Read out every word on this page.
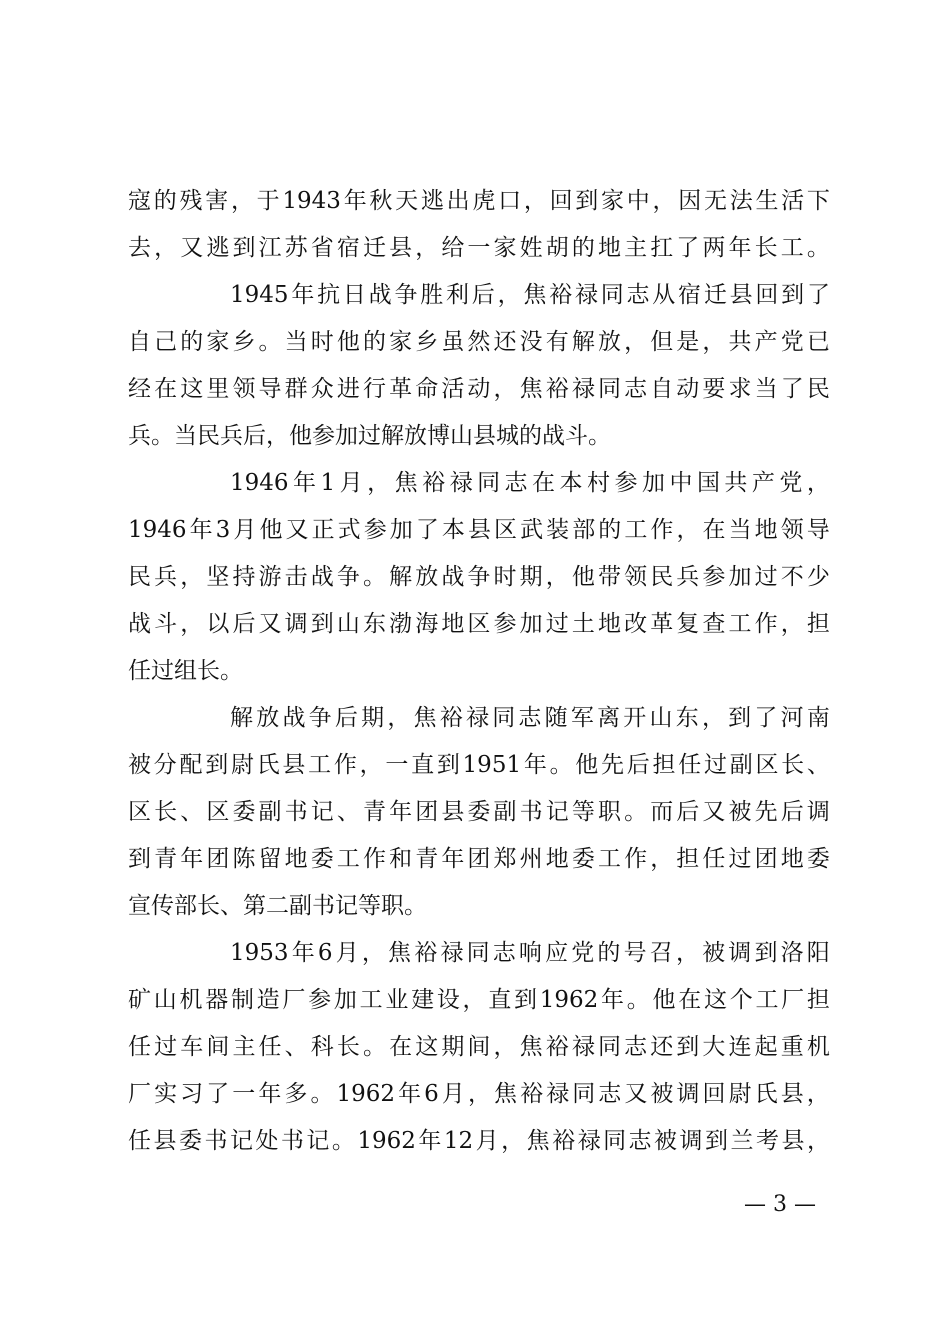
寇 的 残 害 ， 于 1943 年 秋 天 逃 出 虎 口 ， 回 到 家 中 ， 因 无 法 生 活 下
去 ， 又 逃 到 江 苏 省 宿 迁 县 ， 给 一 家 姓 胡 的 地 主 扛 了 两 年 长 工 。
1945 年 抗 日 战 争 胜 利 后 ， 焦 裕 禄 同 志 从 宿 迁 县 回 到 了
自 己 的 家 乡 。 当 时 他 的 家 乡 虽 然 还 没 有 解 放 ， 但 是 ， 共 产 党 已
经 在 这 里 领 导 群 众 进 行 革 命 活 动 ， 焦 裕 禄 同 志 自 动 要 求 当 了 民
兵。当民兵后，他参加过解放博山县城的战斗。
1946 年 1 月 ， 焦 裕 禄 同 志 在 本 村 参 加 中 国 共 产 党 ，
1946 年 3 月 他 又 正 式 参 加 了 本 县 区 武 装 部 的 工 作 ， 在 当 地 领 导
民 兵 ， 坚 持 游 击 战 争 。 解 放 战 争 时 期 ， 他 带 领 民 兵 参 加 过 不 少
战 斗 ， 以 后 又 调 到 山 东 渤 海 地 区 参 加 过 土 地 改 革 复 查 工 作 ， 担
任过组长。
解 放 战 争 后 期 ， 焦 裕 禄 同 志 随 军 离 开 山 东 ， 到 了 河 南
被 分 配 到 尉 氏 县 工 作 ， 一 直 到 1951 年 。 他 先 后 担 任 过 副 区 长 、
区 长 、 区 委 副 书 记 、 青 年 团 县 委 副 书 记 等 职 。 而 后 又 被 先 后 调
到 青 年 团 陈 留 地 委 工 作 和 青 年 团 郑 州 地 委 工 作 ， 担 任 过 团 地 委
宣传部长、第二副书记等职。
1953 年 6 月 ， 焦 裕 禄 同 志 响 应 党 的 号 召 ， 被 调 到 洛 阳
矿 山 机 器 制 造 厂 参 加 工 业 建 设 ， 直 到 1962 年 。 他 在 这 个 工 厂 担
任 过 车 间 主 任 、 科 长 。 在 这 期 间 ， 焦 裕 禄 同 志 还 到 大 连 起 重 机
厂 实 习 了 一 年 多 。 1962 年 6 月 ， 焦 裕 禄 同 志 又 被 调 回 尉 氏 县 ，
任 县 委 书 记 处 书 记 。 1962 年 12 月 ， 焦 裕 禄 同 志 被 调 到 兰 考 县 ，
— 3 —
